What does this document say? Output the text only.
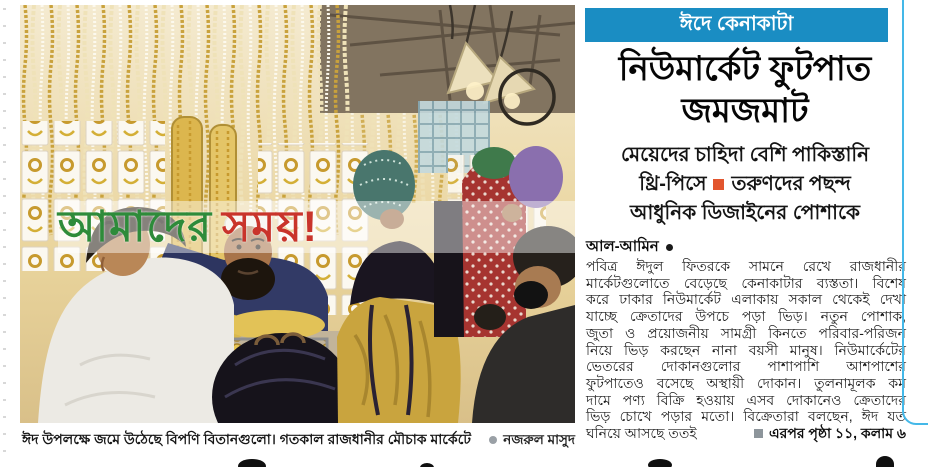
আমাদের সময়!
ঈদ উপলক্ষে জমে উঠেছে বিপণি বিতানগুলো। গতকাল রাজধানীর মৌচাক মার্কেটে নজরুল মাসুদ
ঈদে কেনাকাটা
নিউমার্কেট ফুটপাত
জমজমাট
মেয়েদের চাহিদা বেশি পাকিস্তানি
থ্রি-পিসে তরুণদের পছন্দ
আধুনিক ডিজাইনের পোশাকে
আল-আমিন
পবিত্র ঈদুল ফিতরকে সামনে রেখে রাজধানীর
মার্কেটগুলোতে বেড়েছে কেনাকাটার ব্যস্ততা। বিশেষ
করে ঢাকার নিউমার্কেট এলাকায় সকাল থেকেই দেখা
যাচ্ছে ক্রেতাদের উপচে পড়া ভিড়। নতুন পোশাক,
জুতা ও প্রয়োজনীয় সামগ্রী কিনতে পরিবার-পরিজন
নিয়ে ভিড় করছেন নানা বয়সী মানুষ। নিউমার্কেটের
ভেতরের দোকানগুলোর পাশাপাশি আশপাশের
ফুটপাতেও বসেছে অস্থায়ী দোকান। তুলনামূলক কম
দামে পণ্য বিক্রি হওয়ায় এসব দোকানেও ক্রেতাদের
ভিড় চোখে পড়ার মতো। বিক্রেতারা বলছেন, ঈদ যত
ঘনিয়ে আসছে ততই	এরপর পৃষ্ঠা ১১, কলাম ৬
